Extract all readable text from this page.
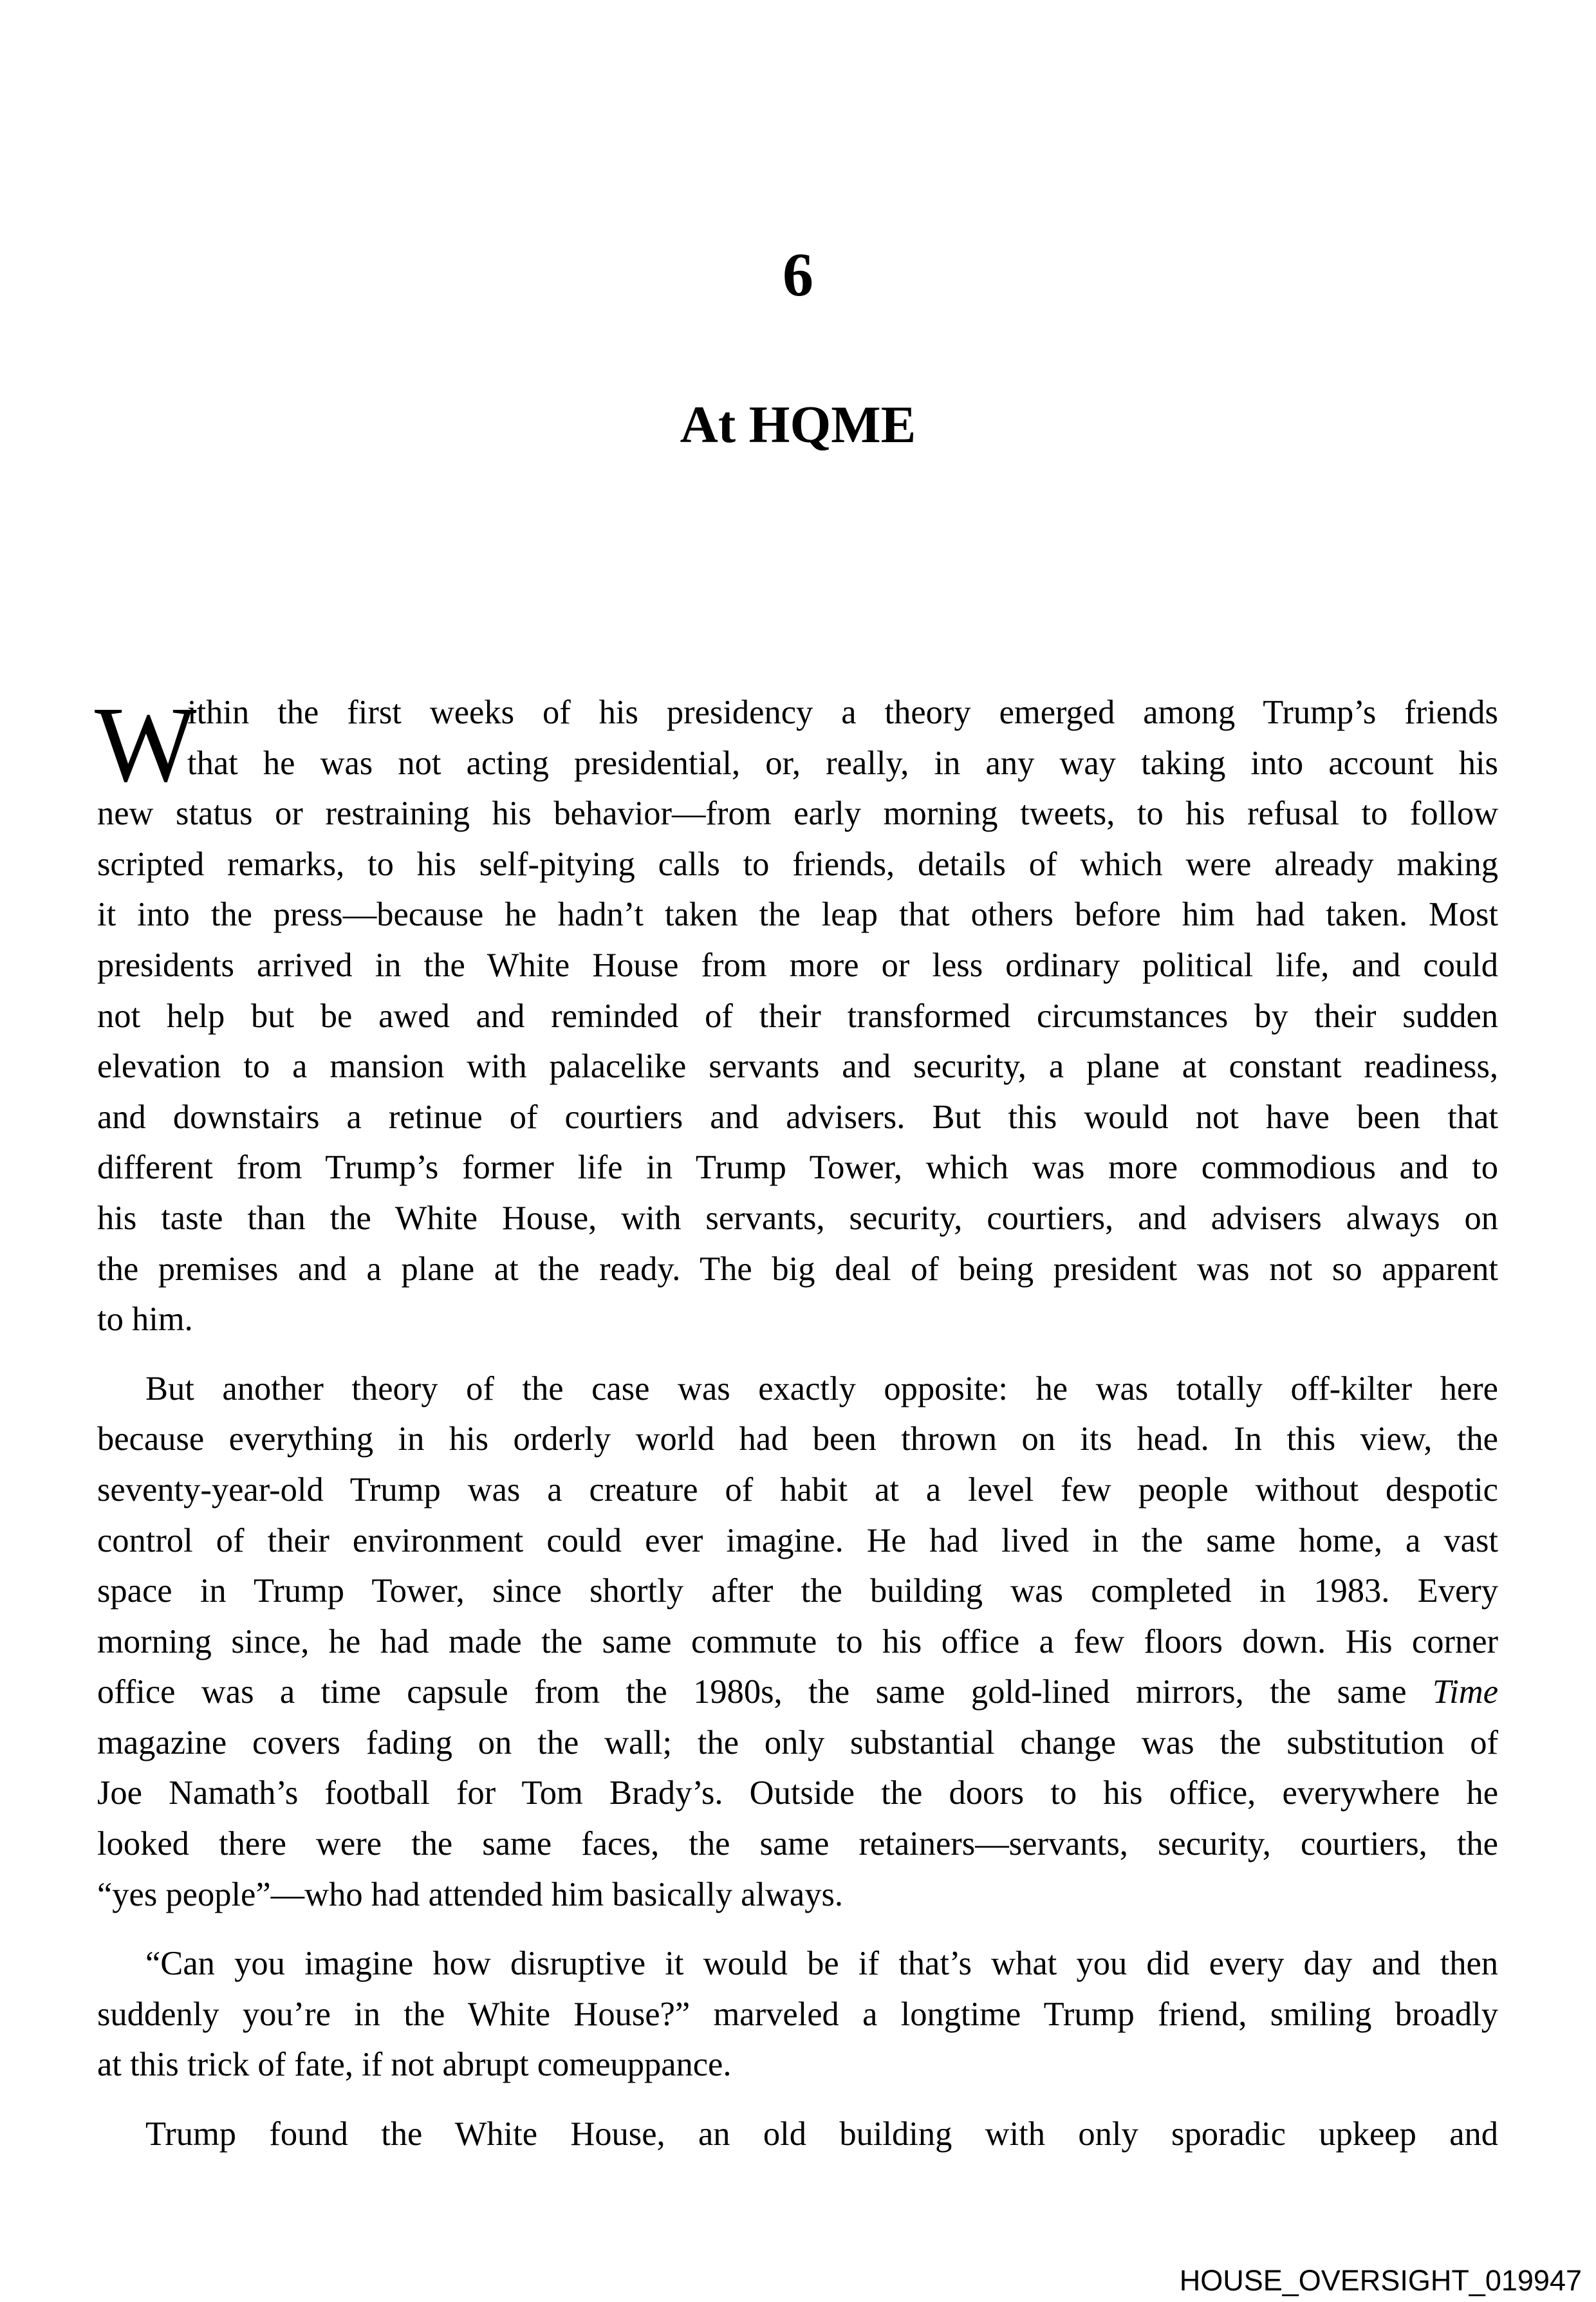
6
At HQME
W
ithin the first weeks of his presidency a theory emerged among Trump’s friends
that he was not acting presidential, or, really, in any way taking into account his
new status or restraining his behavior—from early morning tweets, to his refusal to follow
scripted remarks, to his self-pitying calls to friends, details of which were already making
it into the press—because he hadn’t taken the leap that others before him had taken. Most
presidents arrived in the White House from more or less ordinary political life, and could
not help but be awed and reminded of their transformed circumstances by their sudden
elevation to a mansion with palacelike servants and security, a plane at constant readiness,
and downstairs a retinue of courtiers and advisers. But this would not have been that
different from Trump’s former life in Trump Tower, which was more commodious and to
his taste than the White House, with servants, security, courtiers, and advisers always on
the premises and a plane at the ready. The big deal of being president was not so apparent
to him.
But another theory of the case was exactly opposite: he was totally off-kilter here
because everything in his orderly world had been thrown on its head. In this view, the
seventy-year-old Trump was a creature of habit at a level few people without despotic
control of their environment could ever imagine. He had lived in the same home, a vast
space in Trump Tower, since shortly after the building was completed in 1983. Every
morning since, he had made the same commute to his office a few floors down. His corner
office was a time capsule from the 1980s, the same gold-lined mirrors, the same Time
magazine covers fading on the wall; the only substantial change was the substitution of
Joe Namath’s football for Tom Brady’s. Outside the doors to his office, everywhere he
looked there were the same faces, the same retainers—servants, security, courtiers, the
“yes people”—who had attended him basically always.
“Can you imagine how disruptive it would be if that’s what you did every day and then
suddenly you’re in the White House?” marveled a longtime Trump friend, smiling broadly
at this trick of fate, if not abrupt comeuppance.
Trump found the White House, an old building with only sporadic upkeep and
HOUSE_OVERSIGHT_019947
